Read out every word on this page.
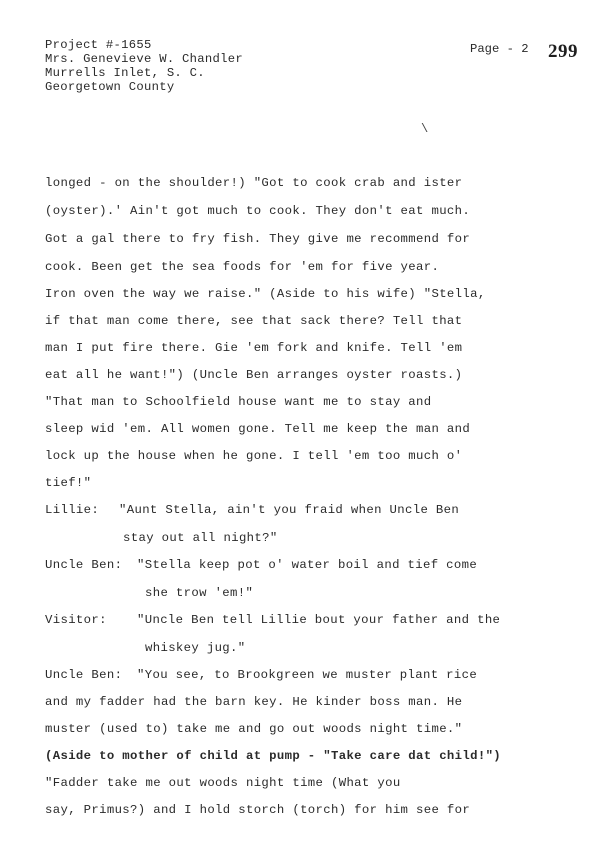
Project #-1655
Mrs. Genevieve W. Chandler
Murrells Inlet, S. C.
Georgetown County
Page - 2 299
\
longed - on the shoulder!) "Got to cook crab and ister
(oyster).' Ain't got much to cook. They don't eat much.
Got a gal there to fry fish. They give me recommend for
cook. Been get the sea foods for 'em for five year.
Iron oven the way we raise." (Aside to his wife) "Stella,
if that man come there, see that sack there? Tell that
man I put fire there. Gie 'em fork and knife. Tell 'em
eat all he want!") (Uncle Ben arranges oyster roasts.)
"That man to Schoolfield house want me to stay and
sleep wid 'em. All women gone. Tell me keep the man and
lock up the house when he gone. I tell 'em too much o'
tief!"
Lillie: "Aunt Stella, ain't you fraid when Uncle Ben
stay out all night?"
Uncle Ben: "Stella keep pot o' water boil and tief come
she trow 'em!"
Visitor: "Uncle Ben tell Lillie bout your father and the
whiskey jug."
Uncle Ben: "You see, to Brookgreen we muster plant rice
and my fadder had the barn key. He kinder boss man. He
muster (used to) take me and go out woods night time."
(Aside to mother of child at pump - "Take care dat child!")
"Fadder take me out woods night time (What you
say, Primus?) and I hold storch (torch) for him see for
